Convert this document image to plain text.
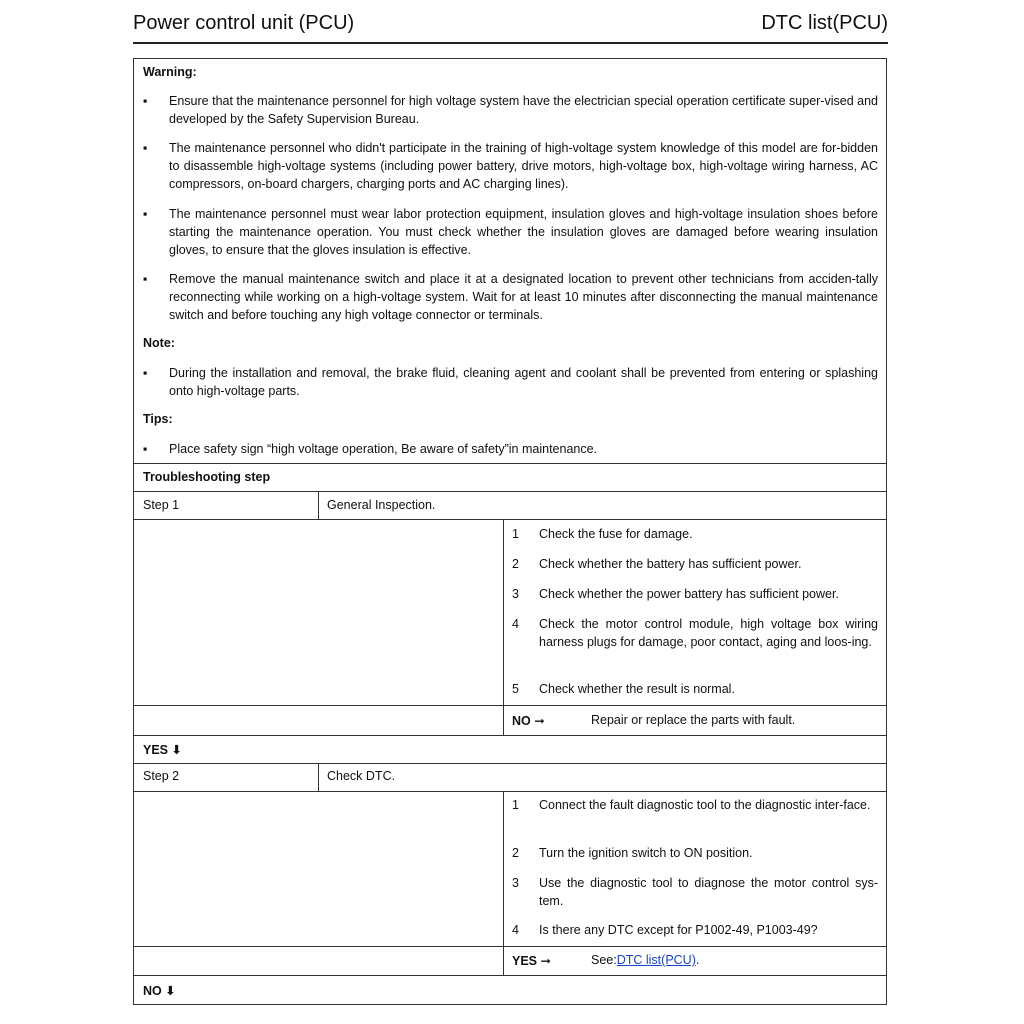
Power control unit (PCU)	DTC list(PCU)
Warning:
▪	Ensure that the maintenance personnel for high voltage system have the electrician special operation certificate super-vised and developed by the Safety Supervision Bureau.
▪	The maintenance personnel who didn't participate in the training of high-voltage system knowledge of this model are for-bidden to disassemble high-voltage systems (including power battery, drive motors, high-voltage box, high-voltage wiring harness, AC compressors, on-board chargers, charging ports and AC charging lines).
▪	The maintenance personnel must wear labor protection equipment, insulation gloves and high-voltage insulation shoes before starting the maintenance operation. You must check whether the insulation gloves are damaged before wearing insulation gloves, to ensure that the gloves insulation is effective.
▪	Remove the manual maintenance switch and place it at a designated location to prevent other technicians from acciden-tally reconnecting while working on a high-voltage system. Wait for at least 10 minutes after disconnecting the manual maintenance switch and before touching any high voltage connector or terminals.
Note:
▪	During the installation and removal, the brake fluid, cleaning agent and coolant shall be prevented from entering or splashing onto high-voltage parts.
Tips:
▪	Place safety sign “high voltage operation, Be aware of safety”in maintenance.
Troubleshooting step
Step 1	General Inspection.
1 Check the fuse for damage.
2 Check whether the battery has sufficient power.
3 Check whether the power battery has sufficient power.
4 Check the motor control module, high voltage box wiring harness plugs for damage, poor contact, aging and loos-ing.
5 Check whether the result is normal.
NO ➞	Repair or replace the parts with fault.
YES ⬇
Step 2	Check DTC.
1 Connect the fault diagnostic tool to the diagnostic inter-face.
2 Turn the ignition switch to ON position.
3 Use the diagnostic tool to diagnose the motor control sys-tem.
4 Is there any DTC except for P1002-49, P1003-49?
YES ➞	See:DTC list(PCU).
NO ⬇
